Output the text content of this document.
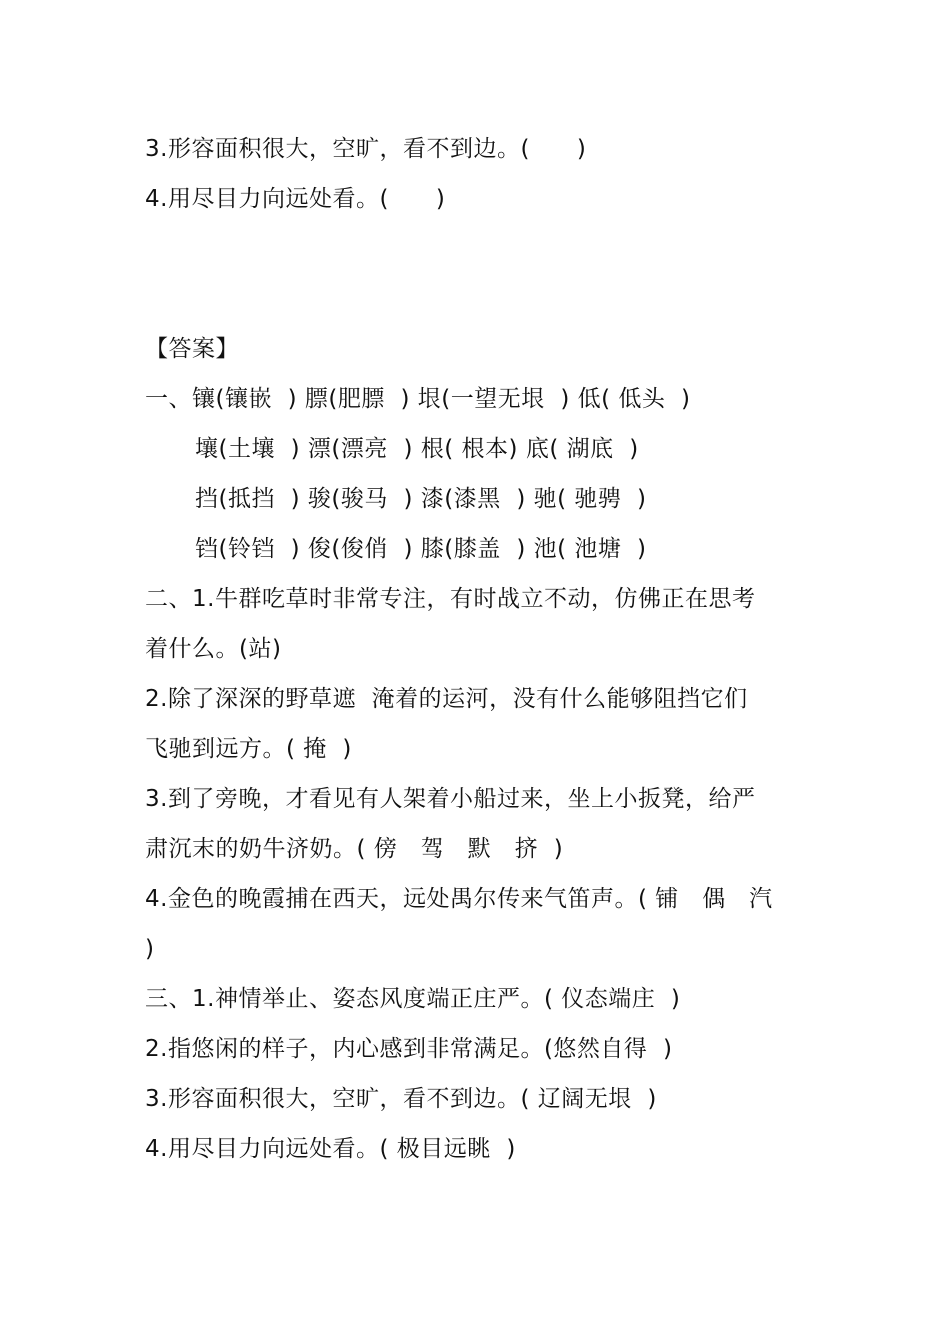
3.形容面积很大，空旷，看不到边。(　　)
4.用尽目力向远处看。(　　)
【答案】
一、镶(镶嵌  ) 膘(肥膘  ) 垠(一望无垠  ) 低( 低头  )
壤(土壤  ) 漂(漂亮  ) 根( 根本) 底( 湖底  )
挡(抵挡  ) 骏(骏马  ) 漆(漆黑  ) 驰( 驰骋  )
铛(铃铛  ) 俊(俊俏  ) 膝(膝盖  ) 池( 池塘  )
二、1.牛群吃草时非常专注，有时战立不动，仿佛正在思考
着什么。(站)
2.除了深深的野草遮  淹着的运河，没有什么能够阻挡它们
飞驰到远方。( 掩  )
3.到了旁晚，才看见有人架着小船过来，坐上小扳凳，给严
肃沉末的奶牛济奶。( 傍   驾   默   挤  )
4.金色的晚霞捕在西天，远处禺尔传来气笛声。( 铺   偶   汽
)
三、1.神情举止、姿态风度端正庄严。( 仪态端庄  )
2.指悠闲的样子，内心感到非常满足。(悠然自得  )
3.形容面积很大，空旷，看不到边。( 辽阔无垠  )
4.用尽目力向远处看。( 极目远眺  )
